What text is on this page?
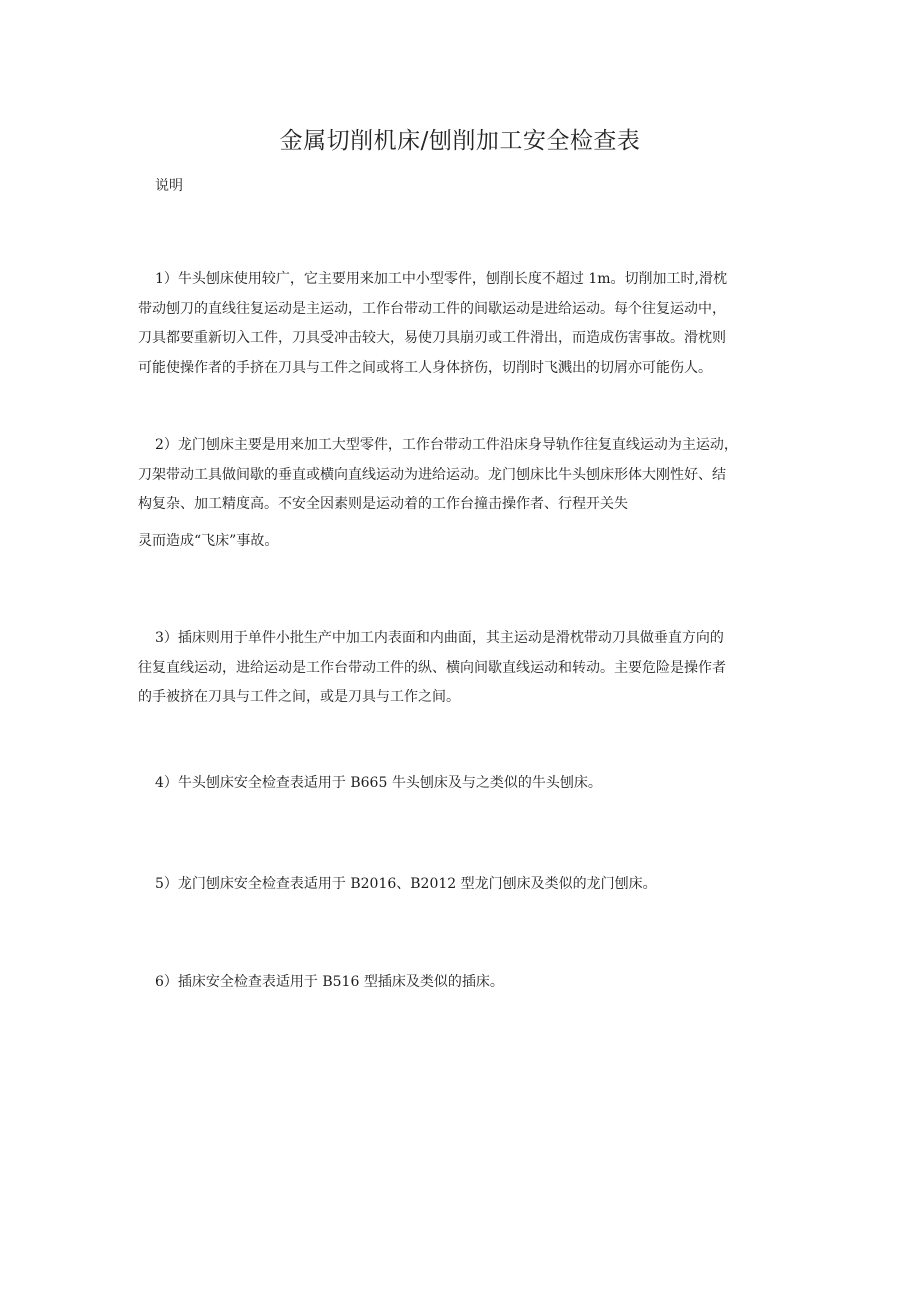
金属切削机床/刨削加工安全检查表
说明
1）牛头刨床使用较广，它主要用来加工中小型零件，刨削长度不超过 1m。切削加工时,滑枕
带动刨刀的直线往复运动是主运动，工作台带动工件的间歇运动是进给运动。每个往复运动中，
刀具都要重新切入工件，刀具受冲击较大，易使刀具崩刃或工件滑出，而造成伤害事故。滑枕则
可能使操作者的手挤在刀具与工件之间或将工人身体挤伤，切削时飞溅出的切屑亦可能伤人。
2）龙门刨床主要是用来加工大型零件，工作台带动工件沿床身导轨作往复直线运动为主运动，
刀架带动工具做间歇的垂直或横向直线运动为进给运动。龙门刨床比牛头刨床形体大刚性好、结
构复杂、加工精度高。不安全因素则是运动着的工作台撞击操作者、行程开关失
灵而造成“飞床”事故。
3）插床则用于单件小批生产中加工内表面和内曲面，其主运动是滑枕带动刀具做垂直方向的
往复直线运动，进给运动是工作台带动工件的纵、横向间歇直线运动和转动。主要危险是操作者
的手被挤在刀具与工件之间，或是刀具与工作之间。
4）牛头刨床安全检查表适用于 B665 牛头刨床及与之类似的牛头刨床。
5）龙门刨床安全检查表适用于 B2016、B2012 型龙门刨床及类似的龙门刨床。
6）插床安全检查表适用于 B516 型插床及类似的插床。
